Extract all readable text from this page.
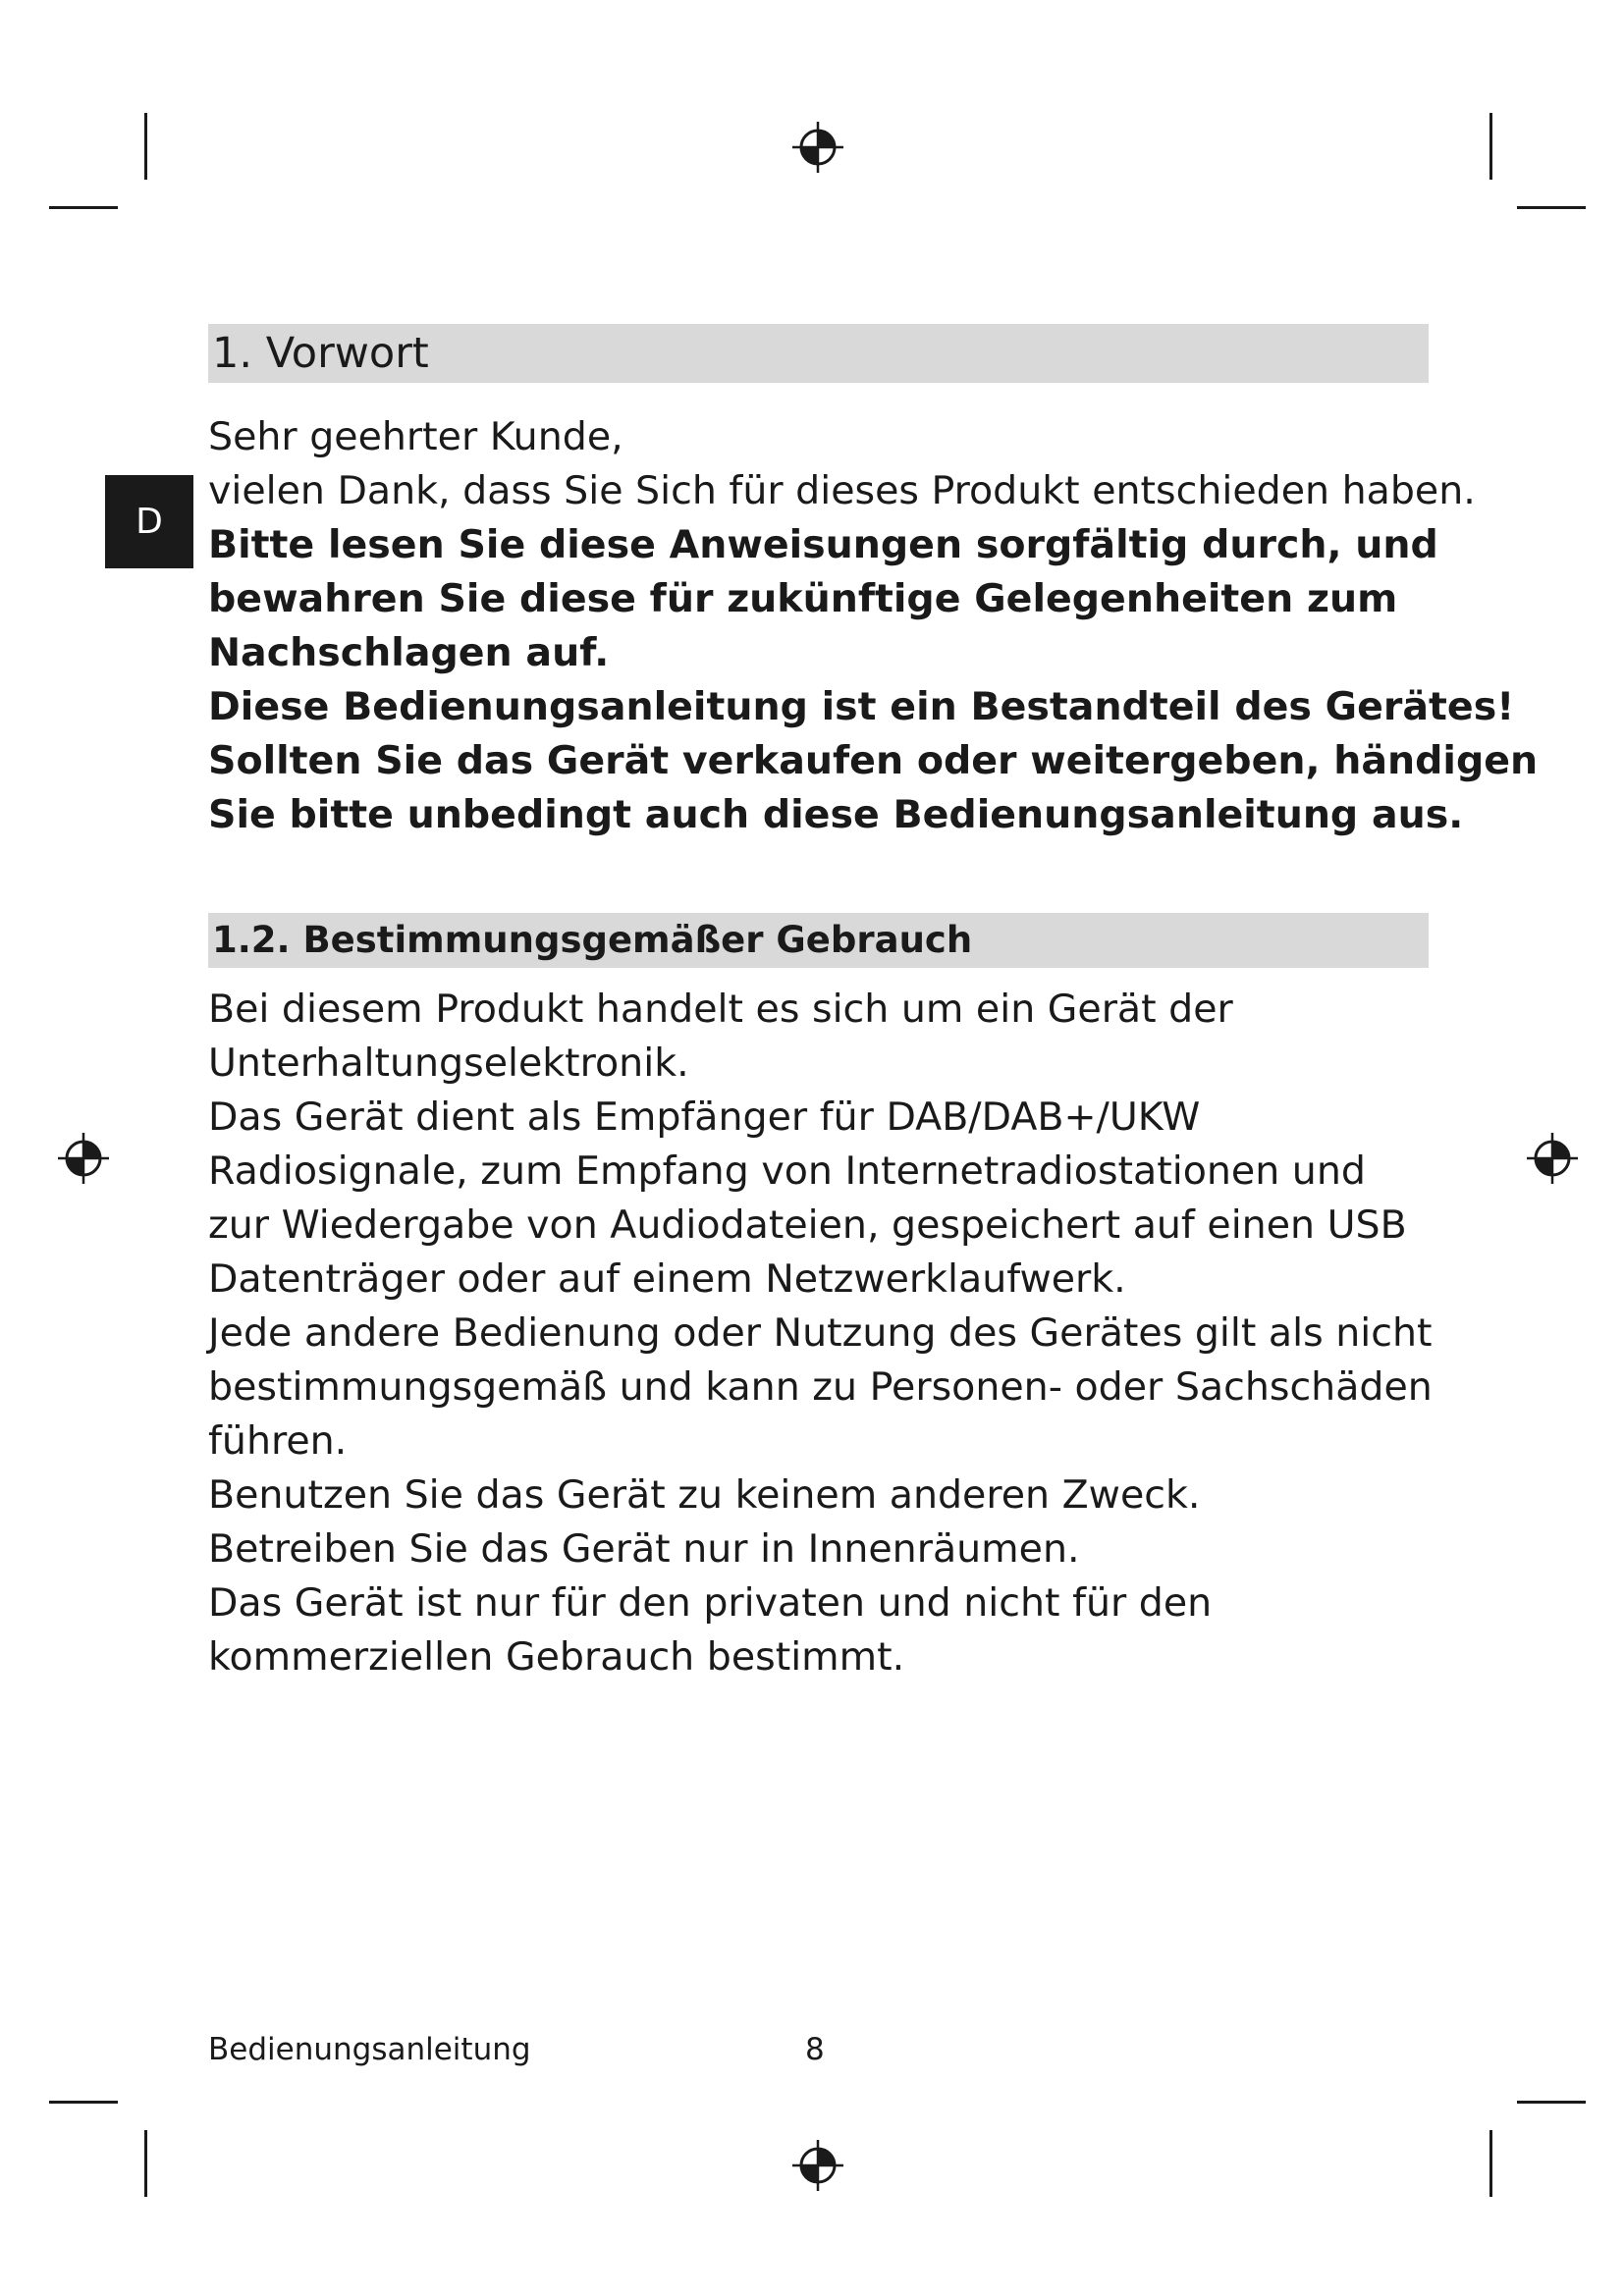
D
1. Vorwort
Sehr geehrter Kunde,
vielen Dank, dass Sie Sich für dieses Produkt entschieden haben.
Bitte lesen Sie diese Anweisungen sorgfältig durch, und
bewahren Sie diese für zukünftige Gelegenheiten zum
Nachschlagen auf.
Diese Bedienungsanleitung ist ein Bestandteil des Gerätes!
Sollten Sie das Gerät verkaufen oder weitergeben, händigen
Sie bitte unbedingt auch diese Bedienungsanleitung aus.
1.2. Bestimmungsgemäßer Gebrauch
Bei diesem Produkt handelt es sich um ein Gerät der
Unterhaltungselektronik.
Das Gerät dient als Empfänger für DAB/DAB+/UKW
Radiosignale, zum Empfang von Internetradiostationen und
zur Wiedergabe von Audiodateien, gespeichert auf einen USB
Datenträger oder auf einem Netzwerklaufwerk.
Jede andere Bedienung oder Nutzung des Gerätes gilt als nicht
bestimmungsgemäß und kann zu Personen- oder Sachschäden
führen.
Benutzen Sie das Gerät zu keinem anderen Zweck.
Betreiben Sie das Gerät nur in Innenräumen.
Das Gerät ist nur für den privaten und nicht für den
kommerziellen Gebrauch bestimmt.
Bedienungsanleitung	8
